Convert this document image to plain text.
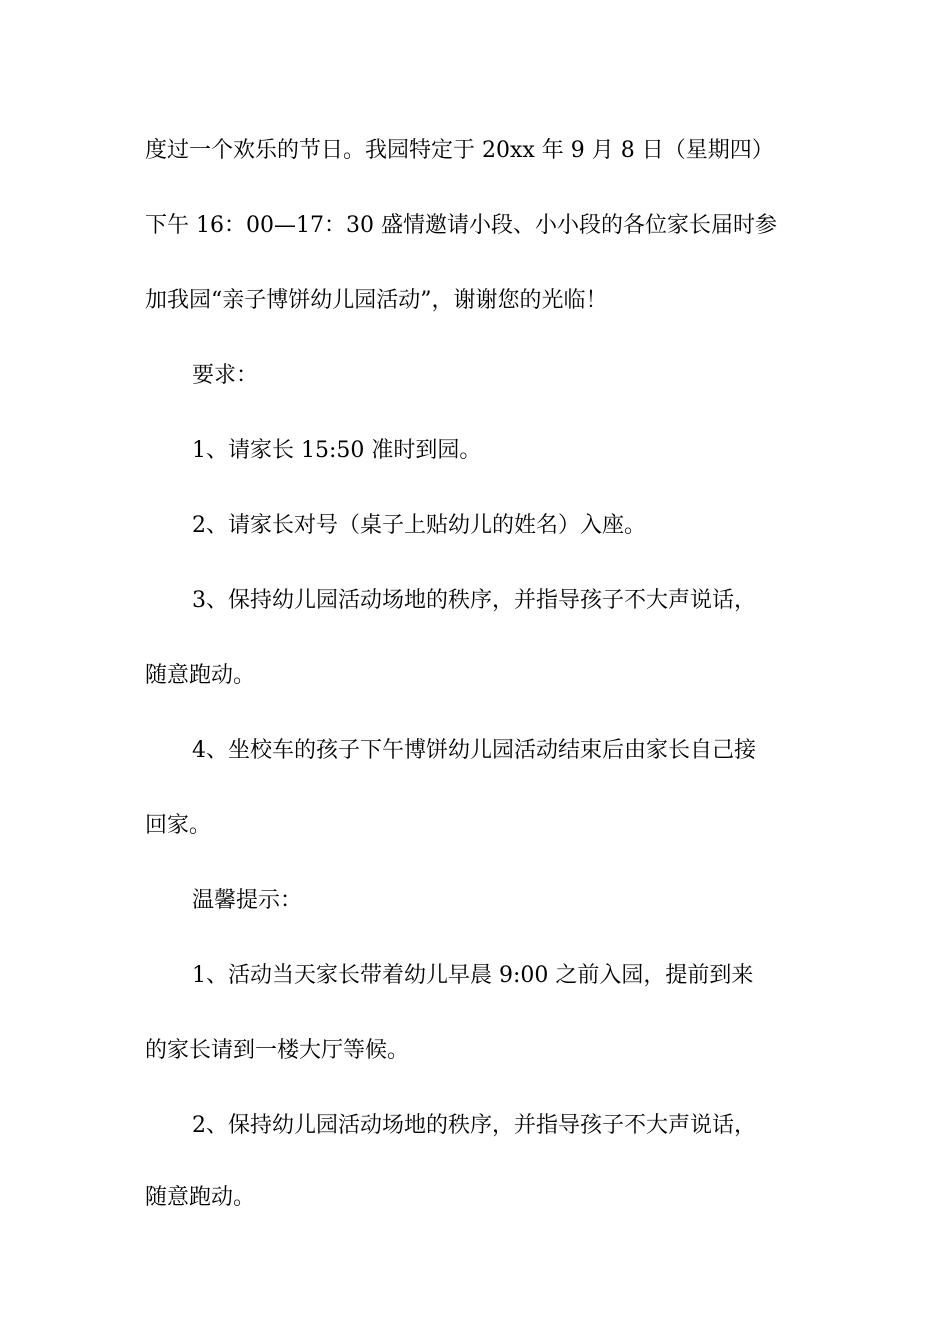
度过一个欢乐的节日。我园特定于 20xx 年 9 月 8 日（星期四）
下午 16：00—17：30 盛情邀请小段、小小段的各位家长届时参
加我园“亲子博饼幼儿园活动”，谢谢您的光临！
要求：
1、请家长 15:50 准时到园。
2、请家长对号（桌子上贴幼儿的姓名）入座。
3、保持幼儿园活动场地的秩序，并指导孩子不大声说话，
随意跑动。
4、坐校车的孩子下午博饼幼儿园活动结束后由家长自己接
回家。
温馨提示：
1、活动当天家长带着幼儿早晨 9:00 之前入园，提前到来
的家长请到一楼大厅等候。
2、保持幼儿园活动场地的秩序，并指导孩子不大声说话，
随意跑动。
